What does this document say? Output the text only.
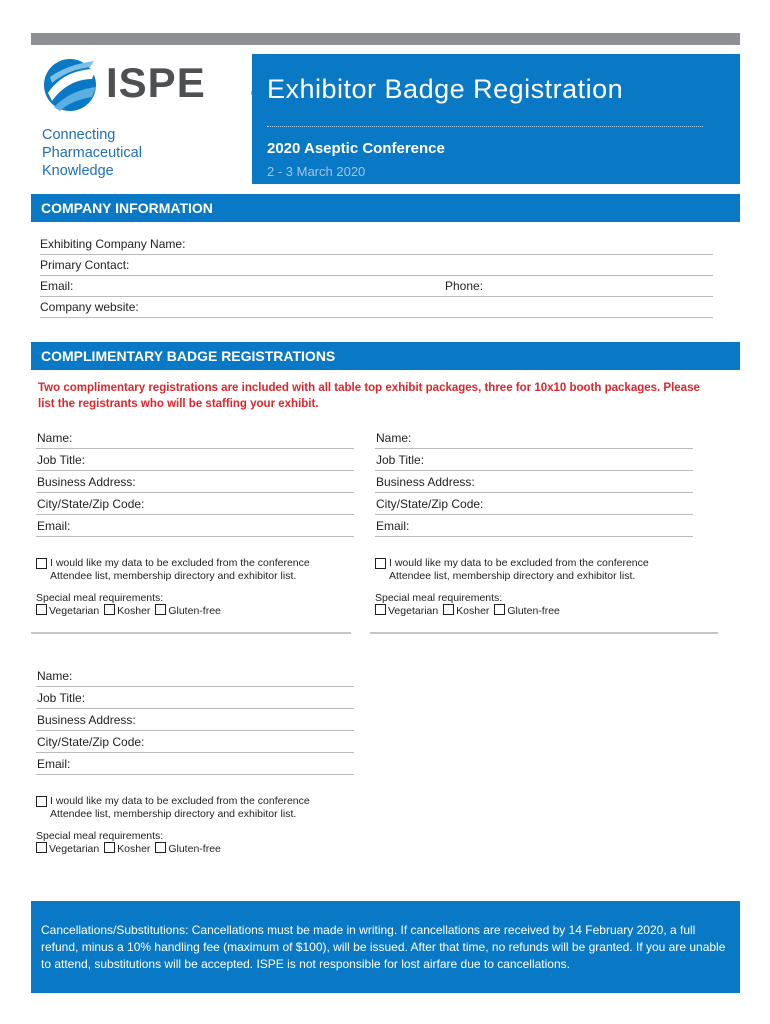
ISPE
Connecting
Pharmaceutical
Knowledge
Exhibitor Badge Registration
2020 Aseptic Conference
2 - 3 March 2020
COMPANY INFORMATION
Exhibiting Company Name:
Primary Contact:
Email:	Phone:
Company website:
COMPLIMENTARY BADGE REGISTRATIONS
Two complimentary registrations are included with all table top exhibit packages, three for 10x10 booth packages. Please list the registrants who will be staffing your exhibit.
Name:
Job Title:
Business Address:
City/State/Zip Code:
Email:
I would like my data to be excluded from the conference
Attendee list, membership directory and exhibitor list.
Special meal requirements:
Vegetarian Kosher Gluten-free
Name:
Job Title:
Business Address:
City/State/Zip Code:
Email:
I would like my data to be excluded from the conference
Attendee list, membership directory and exhibitor list.
Special meal requirements:
Vegetarian Kosher Gluten-free
Name:
Job Title:
Business Address:
City/State/Zip Code:
Email:
I would like my data to be excluded from the conference
Attendee list, membership directory and exhibitor list.
Special meal requirements:
Vegetarian Kosher Gluten-free
Cancellations/Substitutions: Cancellations must be made in writing. If cancellations are received by 14 February 2020, a full refund, minus a 10% handling fee (maximum of $100), will be issued. After that time, no refunds will be granted. If you are unable to attend, substitutions will be accepted. ISPE is not responsible for lost airfare due to cancellations.
